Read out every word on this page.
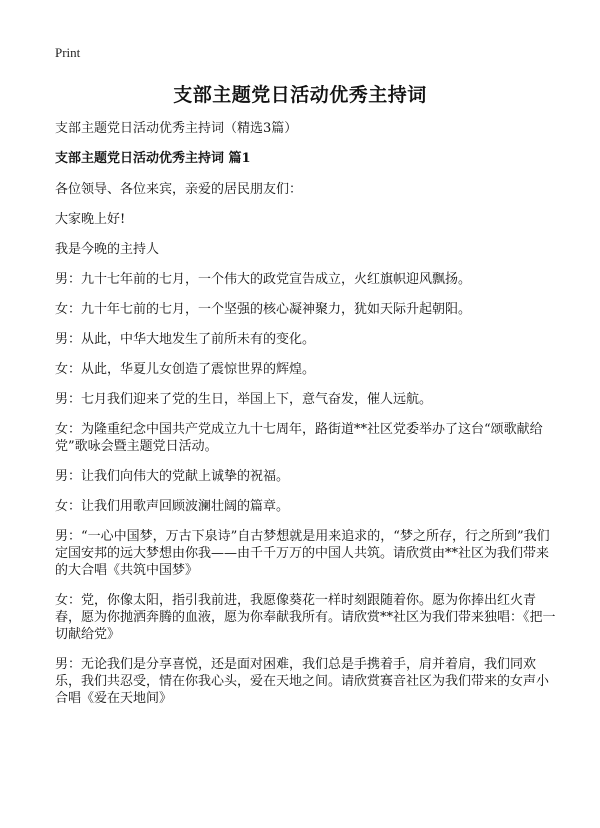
Print
支部主题党日活动优秀主持词

支部主题党日活动优秀主持词（精选3篇）

支部主题党日活动优秀主持词 篇1

各位领导、各位来宾，亲爱的居民朋友们：

大家晚上好!

我是今晚的主持人

男：九十七年前的七月，一个伟大的政党宣告成立，火红旗帜迎风飘扬。

女：九十年七前的七月，一个坚强的核心凝神聚力，犹如天际升起朝阳。

男：从此，中华大地发生了前所未有的变化。

女：从此，华夏儿女创造了震惊世界的辉煌。

男：七月我们迎来了党的生日，举国上下，意气奋发，催人远航。

女：为隆重纪念中国共产党成立九十七周年，路街道**社区党委举办了这台“颂歌献给党”歌咏会暨主题党日活动。

男：让我们向伟大的党献上诚挚的祝福。

女：让我们用歌声回顾波澜壮阔的篇章。

男：“一心中国梦，万古下泉诗”自古梦想就是用来追求的，“梦之所存，行之所到”我们定国安邦的远大梦想由你我——由千千万万的中国人共筑。请欣赏由**社区为我们带来的大合唱《共筑中国梦》

女：党，你像太阳，指引我前进，我愿像葵花一样时刻跟随着你。愿为你捧出红火青春，愿为你抛洒奔腾的血液，愿为你奉献我所有。请欣赏**社区为我们带来独唱：《把一切献给党》

男：无论我们是分享喜悦，还是面对困难，我们总是手携着手，肩并着肩，我们同欢乐，我们共忍受，情在你我心头，爱在天地之间。请欣赏赛音社区为我们带来的女声小合唱《爱在天地间》
